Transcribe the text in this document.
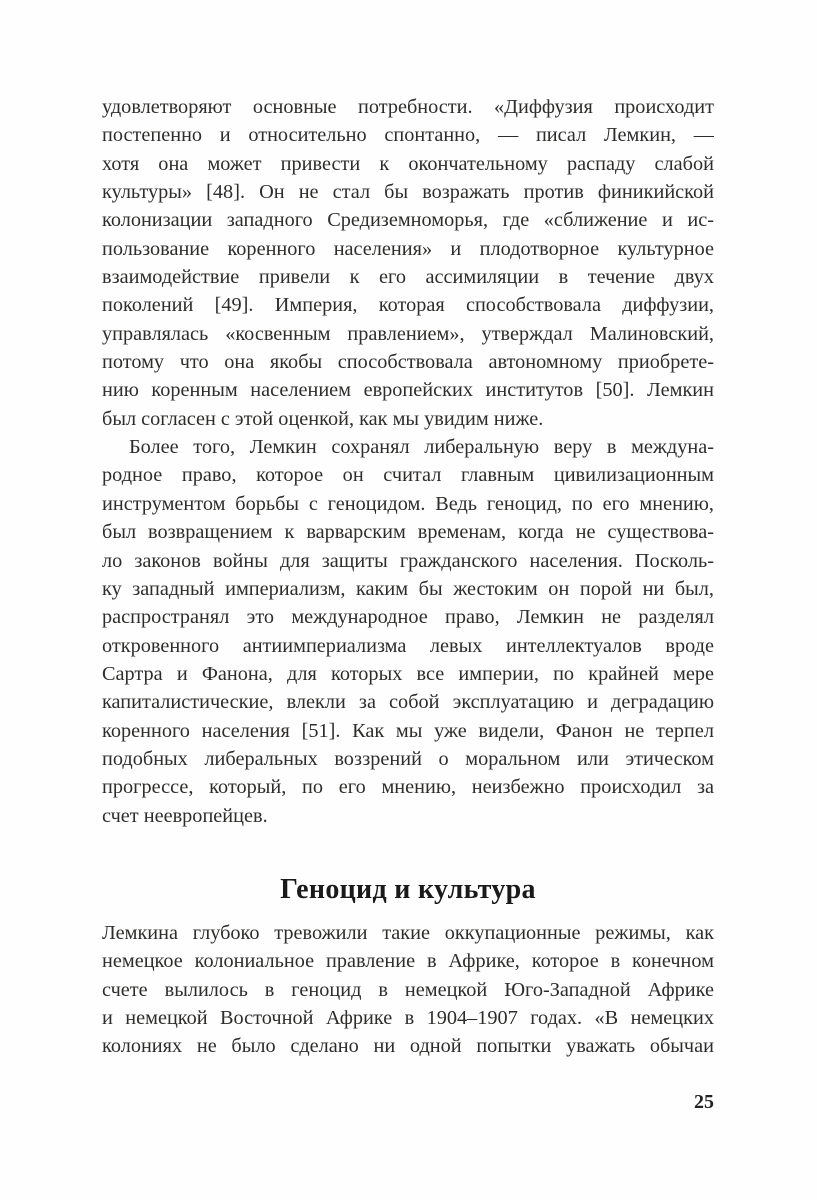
удовлетворяют основные потребности. «Диффузия происходит
постепенно и относительно спонтанно, — писал Лемкин, —
хотя она может привести к окончательному распаду слабой
культуры» [48]. Он не стал бы возражать против финикийской
колонизации западного Средиземноморья, где «сближение и ис-
пользование коренного населения» и плодотворное культурное
взаимодействие привели к его ассимиляции в течение двух
поколений [49]. Империя, которая способствовала диффузии,
управлялась «косвенным правлением», утверждал Малиновский,
потому что она якобы способствовала автономному приобрете-
нию коренным населением европейских институтов [50]. Лемкин
был согласен с этой оценкой, как мы увидим ниже.
Более того, Лемкин сохранял либеральную веру в междуна-
родное право, которое он считал главным цивилизационным
инструментом борьбы с геноцидом. Ведь геноцид, по его мнению,
был возвращением к варварским временам, когда не существова-
ло законов войны для защиты гражданского населения. Посколь-
ку западный империализм, каким бы жестоким он порой ни был,
распространял это международное право, Лемкин не разделял
откровенного антиимпериализма левых интеллектуалов вроде
Сартра и Фанона, для которых все империи, по крайней мере
капиталистические, влекли за собой эксплуатацию и деградацию
коренного населения [51]. Как мы уже видели, Фанон не терпел
подобных либеральных воззрений о моральном или этическом
прогрессе, который, по его мнению, неизбежно происходил за
счет неевропейцев.
Геноцид и культура
Лемкина глубоко тревожили такие оккупационные режимы, как
немецкое колониальное правление в Африке, которое в конечном
счете вылилось в геноцид в немецкой Юго-Западной Африке
и немецкой Восточной Африке в 1904–1907 годах. «В немецких
колониях не было сделано ни одной попытки уважать обычаи
25
